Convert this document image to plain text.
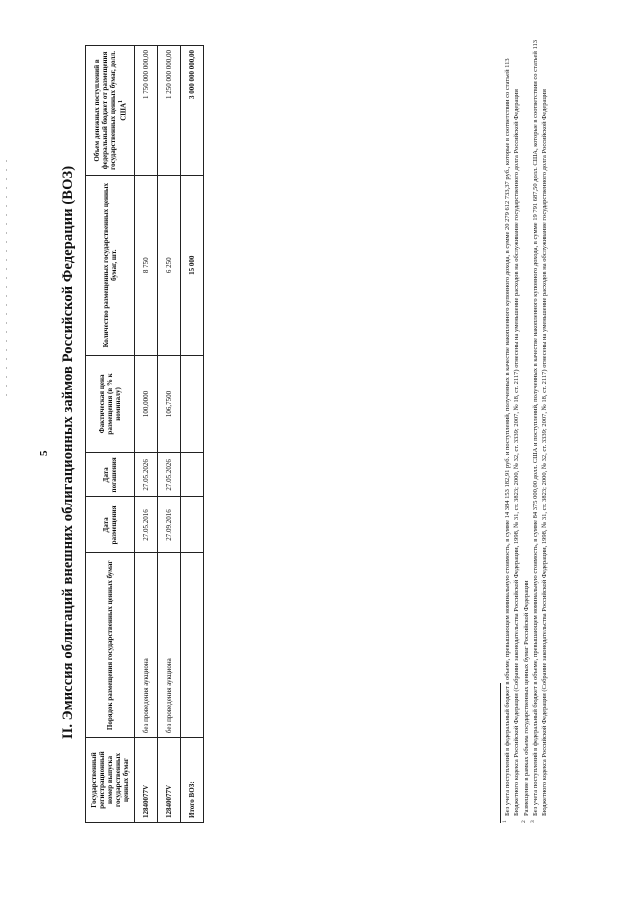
5 II. Эмиссия облигаций внешних облигационных займов Российской Федерации (ВОЗ)
Государственный регистрационный номер выпуска государственных ценных бумаг	Порядок размещения государственных ценных бумаг	Дата размещения	Дата погашения	Фактическая цена размещения (в % к номиналу)	Количество размещенных государственных ценных бумаг, шт.	Объем денежных поступлений в федеральный бюджет от размещения государственных ценных бумаг, долл. США$^1$
12840077V	без проведения аукциона	27.05.2016	27.05.2026	100,0000	8 750	1 750 000 000,00
12840077V	без проведения аукциона	27.09.2016	27.05.2026	106,7500	6 250	1 250 000 000,00
Итого ВОЗ:					15 000	3 000 000 000,00

1
Без учета поступлений в федеральный бюджет в объеме, превышающем номинальную стоимость, в сумме 14 384 153 182,91 руб. и поступлений, полученных в качестве накопленного купонного дохода, в сумме 20 279 612 733,37 руб., которые в соответствии со статьей 113 Бюджетного кодекса Российской Федерации (Собрание законодательства Российской Федерации, 1998, № 31, ст. 3823; 2000, № 32, ст. 3339; 2007, № 18, ст. 2117) отнесены на уменьшение расходов на обслуживание государственного долга Российской Федерации

2
Размещение в рамках объема государственных ценных бумаг Российской Федерации

3
Без учета поступлений в федеральный бюджет в объеме, превышающем номинальную стоимость, в сумме 84 375 000,00 долл. США и поступлений, полученных в качестве накопленного купонного дохода, в сумме 19 791 687,50 долл. США, которые в соответствии со статьей 113 Бюджетного кодекса Российской Федерации (Собрание законодательства Российской Федерации, 1998, № 31, ст. 3823; 2000, № 32, ст. 3339; 2007, № 18, ст. 2117) отнесены на уменьшение расходов на обслуживание государственного долга Российской Федерации
